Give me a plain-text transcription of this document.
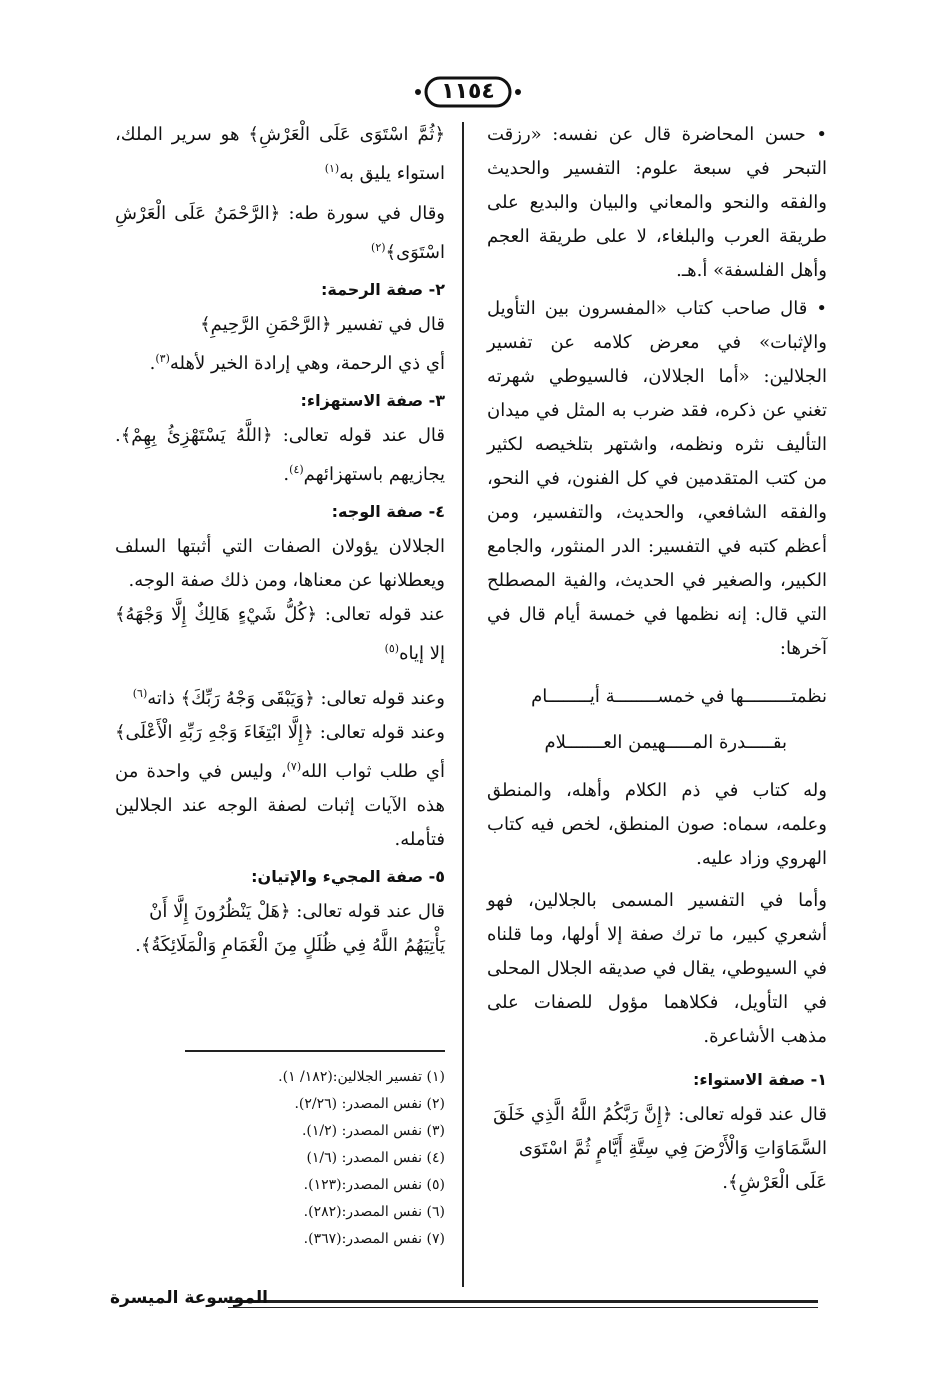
١١٥٤

• حسن المحاضرة قال عن نفسه: «رزقت التبحر في سبعة علوم: التفسير والحديث والفقه والنحو والمعاني والبيان والبديع على طريقة العرب والبلغاء، لا على طريقة العجم وأهل الفلسفة» أ.هـ.

• قال صاحب كتاب «المفسرون بين التأويل والإثبات» في معرض كلامه عن تفسير الجلالين: «أما الجلالان، فالسيوطي شهرته تغني عن ذكره، فقد ضرب به المثل في ميدان التأليف نثره ونظمه، واشتهر بتلخيصه لكثير من كتب المتقدمين في كل الفنون، في النحو، والفقه الشافعي، والحديث، والتفسير، ومن أعظم كتبه في التفسير: الدر المنثور، والجامع الكبير، والصغير في الحديث، والفية المصطلح التي قال: إنه نظمها في خمسة أيام قال في آخرها:

نظمتـــــــــها في خمســــــــة أيــــــــام
بقـــــدرة المـــــهيمن العـــــــلام

وله كتاب في ذم الكلام وأهله، والمنطق وعلمه، سماه: صون المنطق، لخص فيه كتاب الهروي وزاد عليه.

وأما في التفسير المسمى بالجلالين، فهو أشعري كبير، ما ترك صفة إلا أولها، وما قلناه في السيوطي، يقال في صديقه الجلال المحلى في التأويل، فكلاهما مؤول للصفات على مذهب الأشاعرة.

١- صفة الاستواء:

قال عند قوله تعالى: ﴿إِنَّ رَبَّكُمُ اللَّهُ الَّذِي خَلَقَ السَّمَاوَاتِ وَالْأَرْضَ فِي سِتَّةِ أَيَّامٍ ثُمَّ اسْتَوَى عَلَى الْعَرْشِ﴾.

﴿ثُمَّ اسْتَوَى عَلَى الْعَرْشِ﴾ هو سرير الملك، استواء يليق به$^{(١)}$

وقال في سورة طه: ﴿الرَّحْمَنُ عَلَى الْعَرْشِ اسْتَوَى﴾$^{(٢)}$

٢- صفة الرحمة:

قال في تفسير ﴿الرَّحْمَنِ الرَّحِيمِ﴾

أي ذي الرحمة، وهي إرادة الخير لأهله$^{(٣)}$.

٣- صفة الاستهزاء:

قال عند قوله تعالى: ﴿اللَّهُ يَسْتَهْزِئُ بِهِمْ﴾. يجازيهم باستهزائهم$^{(٤)}$.

٤- صفة الوجه:

الجلالان يؤولان الصفات التي أثبتها السلف ويعطلانها عن معناها، ومن ذلك صفة الوجه.

عند قوله تعالى: ﴿كُلُّ شَيْءٍ هَالِكٌ إِلَّا وَجْهَهُ﴾ إلا إياه$^{(٥)}$

وعند قوله تعالى: ﴿وَيَبْقَى وَجْهُ رَبِّكَ﴾ ذاته$^{(٦)}$

وعند قوله تعالى: ﴿إِلَّا ابْتِغَاءَ وَجْهِ رَبِّهِ الْأَعْلَى﴾ أي طلب ثواب الله$^{(٧)}$، وليس في واحدة من هذه الآيات إثبات لصفة الوجه عند الجلالين فتأمله.

٥- صفة المجيء والإتيان:

قال عند قوله تعالى: ﴿هَلْ يَنْظُرُونَ إِلَّا أَنْ يَأْتِيَهُمُ اللَّهُ فِي ظُلَلٍ مِنَ الْغَمَامِ وَالْمَلَائِكَةُ﴾.

(١) تفسير الجلالين:(١٨٢/ ١).
(٢) نفس المصدر: (٢/٢٦).
(٣) نفس المصدر: (١/٢).
(٤) نفس المصدر: (١/٦)
(٥) نفس المصدر:(١٢٣).
(٦) نفس المصدر:(٢٨٢).
(٧) نفس المصدر:(٣٦٧).
الموسوعة الميسرة
